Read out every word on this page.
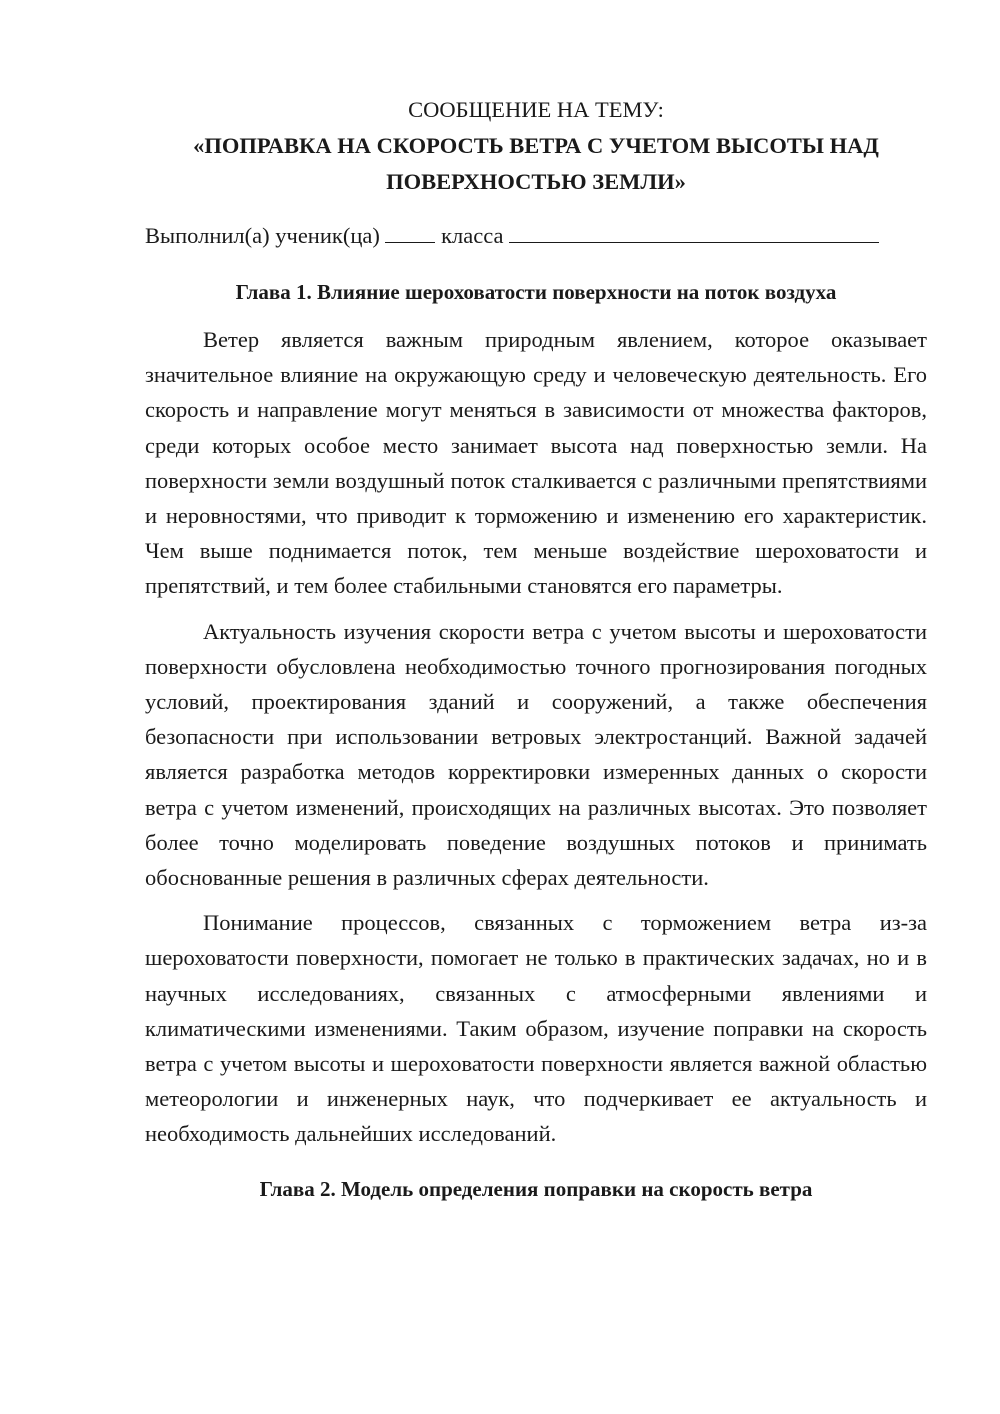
СООБЩЕНИЕ НА ТЕМУ:

«ПОПРАВКА НА СКОРОСТЬ ВЕТРА С УЧЕТОМ ВЫСОТЫ НАД ПОВЕРХНОСТЬЮ ЗЕМЛИ»

Выполнил(а) ученик(ца)	класса

Глава 1. Влияние шероховатости поверхности на поток воздуха

Ветер является важным природным явлением, которое оказывает значительное влияние на окружающую среду и человеческую деятельность. Его скорость и направление могут меняться в зависимости от множества факторов, среди которых особое место занимает высота над поверхностью земли. На поверхности земли воздушный поток сталкивается с различными препятствиями и неровностями, что приводит к торможению и изменению его характеристик. Чем выше поднимается поток, тем меньше воздействие шероховатости и препятствий, и тем более стабильными становятся его параметры.

Актуальность изучения скорости ветра с учетом высоты и шероховатости поверхности обусловлена необходимостью точного прогнозирования погодных условий, проектирования зданий и сооружений, а также обеспечения безопасности при использовании ветровых электростанций. Важной задачей является разработка методов корректировки измеренных данных о скорости ветра с учетом изменений, происходящих на различных высотах. Это позволяет более точно моделировать поведение воздушных потоков и принимать обоснованные решения в различных сферах деятельности.

Понимание процессов, связанных с торможением ветра из-за шероховатости поверхности, помогает не только в практических задачах, но и в научных исследованиях, связанных с атмосферными явлениями и климатическими изменениями. Таким образом, изучение поправки на скорость ветра с учетом высоты и шероховатости поверхности является важной областью метеорологии и инженерных наук, что подчеркивает ее актуальность и необходимость дальнейших исследований.

Глава 2. Модель определения поправки на скорость ветра
